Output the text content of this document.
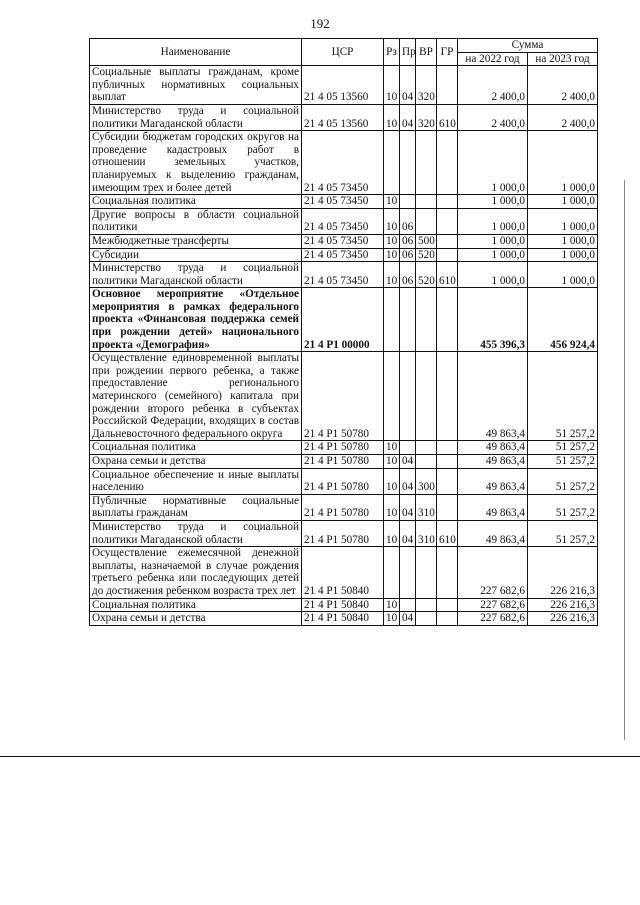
192
Наименование	ЦСР	Рз	Пр	ВР	ГР	Сумма	
						на 2022 год	на 2023 год
Социальные выплаты гражданам, кроме публичных нормативных социальных выплат	21 4 05 13560	10	04	320		2 400,0	2 400,0
Министерство труда и социальной политики Магаданской области	21 4 05 13560	10	04	320	610	2 400,0	2 400,0
Субсидии бюджетам городских округов на проведение кадастровых работ в отношении земельных участков, планируемых к выделению гражданам, имеющим трех и более детей	21 4 05 73450					1 000,0	1 000,0
Социальная политика	21 4 05 73450	10				1 000,0	1 000,0
Другие вопросы в области социальной политики	21 4 05 73450	10	06			1 000,0	1 000,0
Межбюджетные трансферты	21 4 05 73450	10	06	500		1 000,0	1 000,0
Субсидии	21 4 05 73450	10	06	520		1 000,0	1 000,0
Министерство труда и социальной политики Магаданской области	21 4 05 73450	10	06	520	610	1 000,0	1 000,0
Основное мероприятие «Отдельное мероприятия в рамках федерального проекта «Финансовая поддержка семей при рождении детей» национального проекта «Демография»	21 4 P1 00000					455 396,3	456 924,4
Осуществление единовременной выплаты при рождении первого ребенка, а также предоставление регионального материнского (семейного) капитала при рождении второго ребенка в субъектах Российской Федерации, входящих в состав Дальневосточного федерального округа	21 4 P1 50780					49 863,4	51 257,2
Социальная политика	21 4 P1 50780	10				49 863,4	51 257,2
Охрана семьи и детства	21 4 P1 50780	10	04			49 863,4	51 257,2
Социальное обеспечение и иные выплаты населению	21 4 P1 50780	10	04	300		49 863,4	51 257,2
Публичные нормативные социальные выплаты гражданам	21 4 P1 50780	10	04	310		49 863,4	51 257,2
Министерство труда и социальной политики Магаданской области	21 4 P1 50780	10	04	310	610	49 863,4	51 257,2
Осуществление ежемесячной денежной выплаты, назначаемой в случае рождения третьего ребенка или последующих детей до достижения ребенком возраста трех лет	21 4 P1 50840					227 682,6	226 216,3
Социальная политика	21 4 P1 50840	10				227 682,6	226 216,3
Охрана семьи и детства	21 4 P1 50840	10	04			227 682,6	226 216,3
